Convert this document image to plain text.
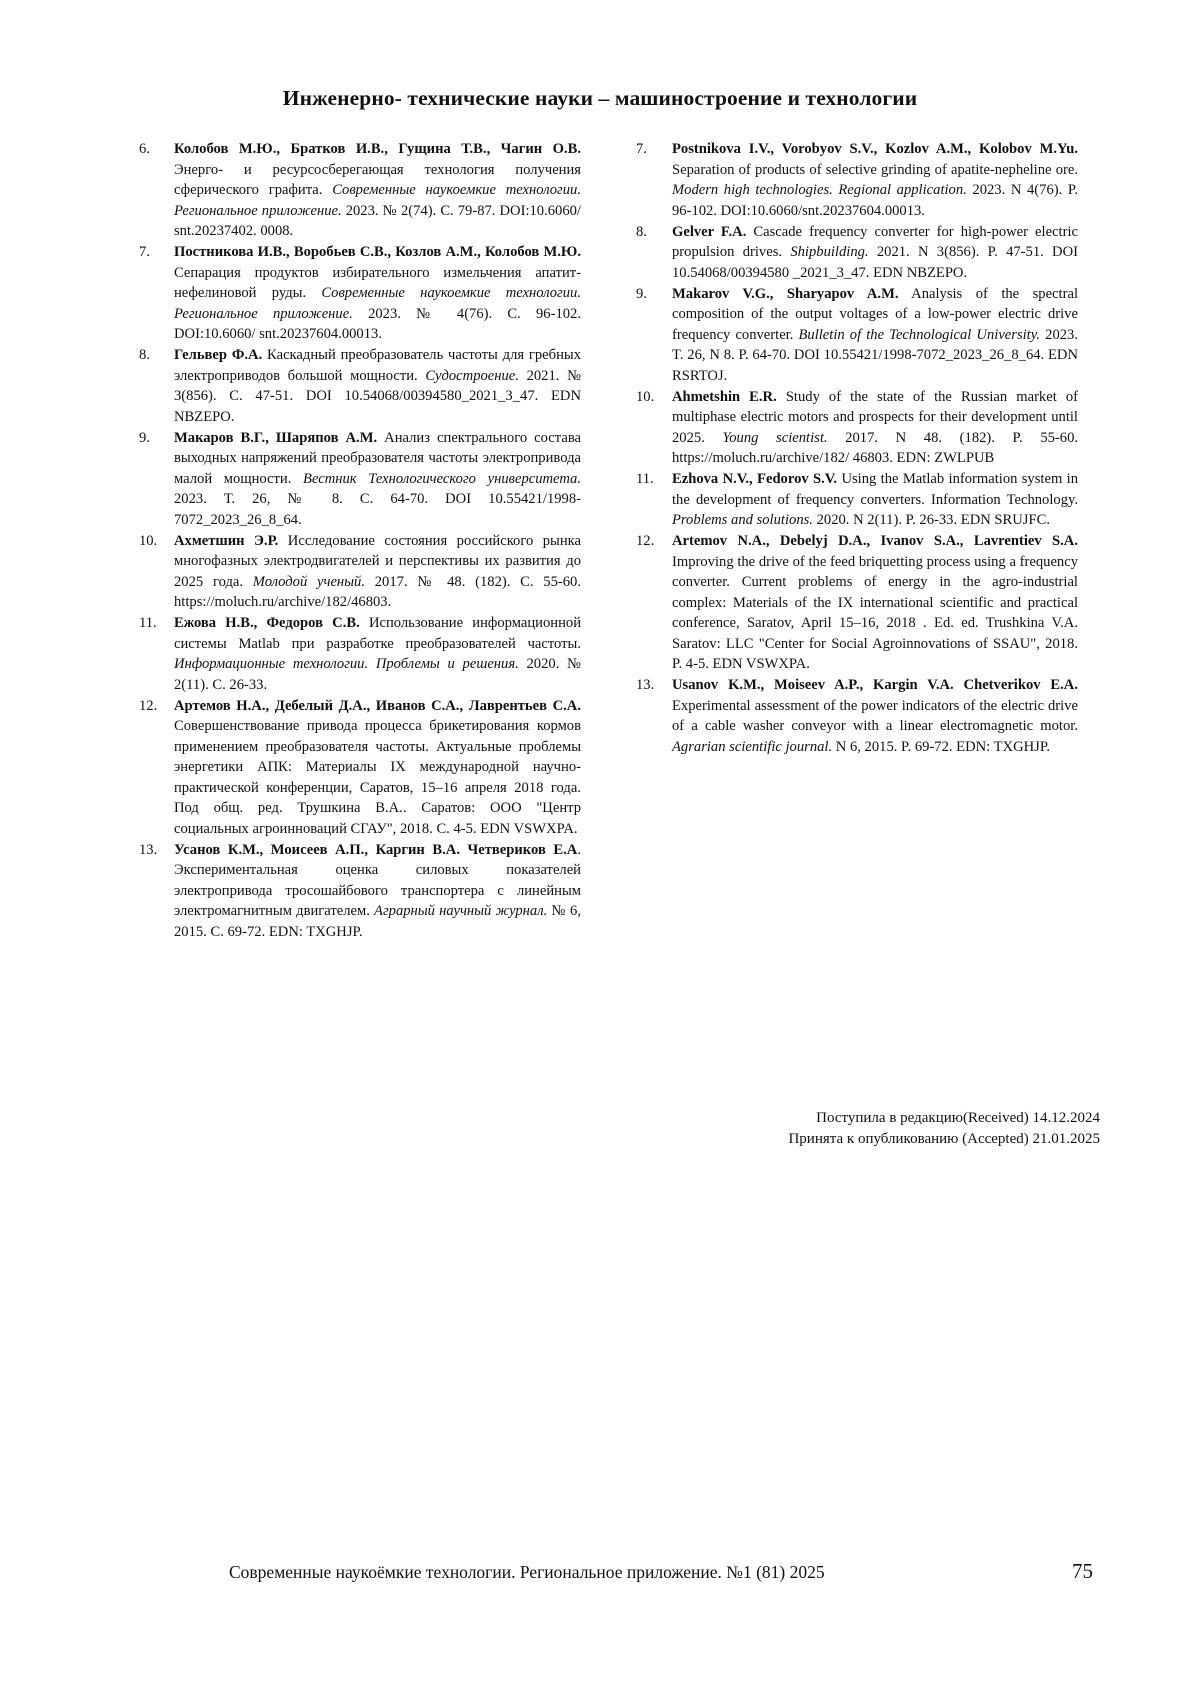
Инженерно- технические науки – машиностроение и технологии
6.	Колобов М.Ю., Братков И.В., Гущина Т.В., Чагин О.В. Энерго- и ресурсосберегающая технология получения сферического графита. Современные наукоемкие технологии. Региональное приложение. 2023. № 2(74). С. 79-87. DOI:10.6060/ snt.20237402. 0008.
7.	Постникова И.В., Воробьев С.В., Козлов А.М., Колобов М.Ю. Сепарация продуктов избирательного измельчения апатит-нефелиновой руды. Современные наукоемкие технологии. Региональное приложение. 2023. № 4(76). С. 96-102. DOI:10.6060/ snt.20237604.00013.
8.	Гельвер Ф.А. Каскадный преобразователь частоты для гребных электроприводов большой мощности. Судостроение. 2021. № 3(856). С. 47-51. DOI 10.54068/00394580_2021_3_47. EDN NBZEPO.
9.	Макаров В.Г., Шаряпов А.М. Анализ спектрального состава выходных напряжений преобразователя частоты электропривода малой мощности. Вестник Технологического университета. 2023. Т. 26, № 8. С. 64-70. DOI 10.55421/1998-7072_2023_26_8_64.
10.	Ахметшин Э.Р. Исследование состояния российского рынка многофазных электродвигателей и перспективы их развития до 2025 года. Молодой ученый. 2017. № 48. (182). С. 55-60. https://moluch.ru/archive/182/46803.
11.	Ежова Н.В., Федоров С.В. Использование информационной системы Matlab при разработке преобразователей частоты. Информационные технологии. Проблемы и решения. 2020. № 2(11). С. 26-33.
12.	Артемов Н.А., Дебелый Д.А., Иванов С.А., Лаврентьев С.А. Совершенствование привода процесса брикетирования кормов применением преобразователя частоты. Актуальные проблемы энергетики АПК: Материалы IX международной научно-практической конференции, Саратов, 15–16 апреля 2018 года. Под общ. ред. Трушкина В.А.. Саратов: ООО "Центр социальных агроинноваций СГАУ", 2018. С. 4-5. EDN VSWXPA.
13.	Усанов К.М., Моисеев А.П., Каргин В.А. Четвериков Е.А. Экспериментальная оценка силовых показателей электропривода тросошайбового транспортера с линейным электромагнитным двигателем. Аграрный научный журнал. № 6, 2015. С. 69-72. EDN: TXGHJP.
7.	Postnikova I.V., Vorobyov S.V., Kozlov A.M., Kolobov M.Yu. Separation of products of selective grinding of apatite-nepheline ore. Modern high technologies. Regional application. 2023. N 4(76). P. 96-102. DOI:10.6060/snt.20237604.00013.
8.	Gelver F.A. Cascade frequency converter for high-power electric propulsion drives. Shipbuilding. 2021. N 3(856). P. 47-51. DOI 10.54068/00394580 _2021_3_47. EDN NBZEPO.
9.	Makarov V.G., Sharyapov A.M. Analysis of the spectral composition of the output voltages of a low-power electric drive frequency converter. Bulletin of the Technological University. 2023. T. 26, N 8. P. 64-70. DOI 10.55421/1998-7072_2023_26_8_64. EDN RSRTOJ.
10.	Ahmetshin E.R. Study of the state of the Russian market of multiphase electric motors and prospects for their development until 2025. Young scientist. 2017. N 48. (182). P. 55-60. https://moluch.ru/archive/182/ 46803. EDN: ZWLPUB
11.	Ezhova N.V., Fedorov S.V. Using the Matlab information system in the development of frequency converters. Information Technology. Problems and solutions. 2020. N 2(11). P. 26-33. EDN SRUJFC.
12.	Artemov N.A., Debelyj D.A., Ivanov S.A., Lavrentiev S.A. Improving the drive of the feed briquetting process using a frequency converter. Current problems of energy in the agro-industrial complex: Materials of the IX international scientific and practical conference, Saratov, April 15–16, 2018 . Ed. ed. Trushkina V.A. Saratov: LLC "Center for Social Agroinnovations of SSAU", 2018. P. 4-5. EDN VSWXPA.
13.	Usanov K.M., Moiseev A.P., Kargin V.A. Chetverikov E.A. Experimental assessment of the power indicators of the electric drive of a cable washer conveyor with a linear electromagnetic motor. Agrarian scientific journal. N 6, 2015. P. 69-72. EDN: TXGHJP.
Поступила в редакцию(Received) 14.12.2024
Принята к опубликованию (Accepted) 21.01.2025
Современные наукоёмкие технологии. Региональное приложение. №1 (81) 2025	75
